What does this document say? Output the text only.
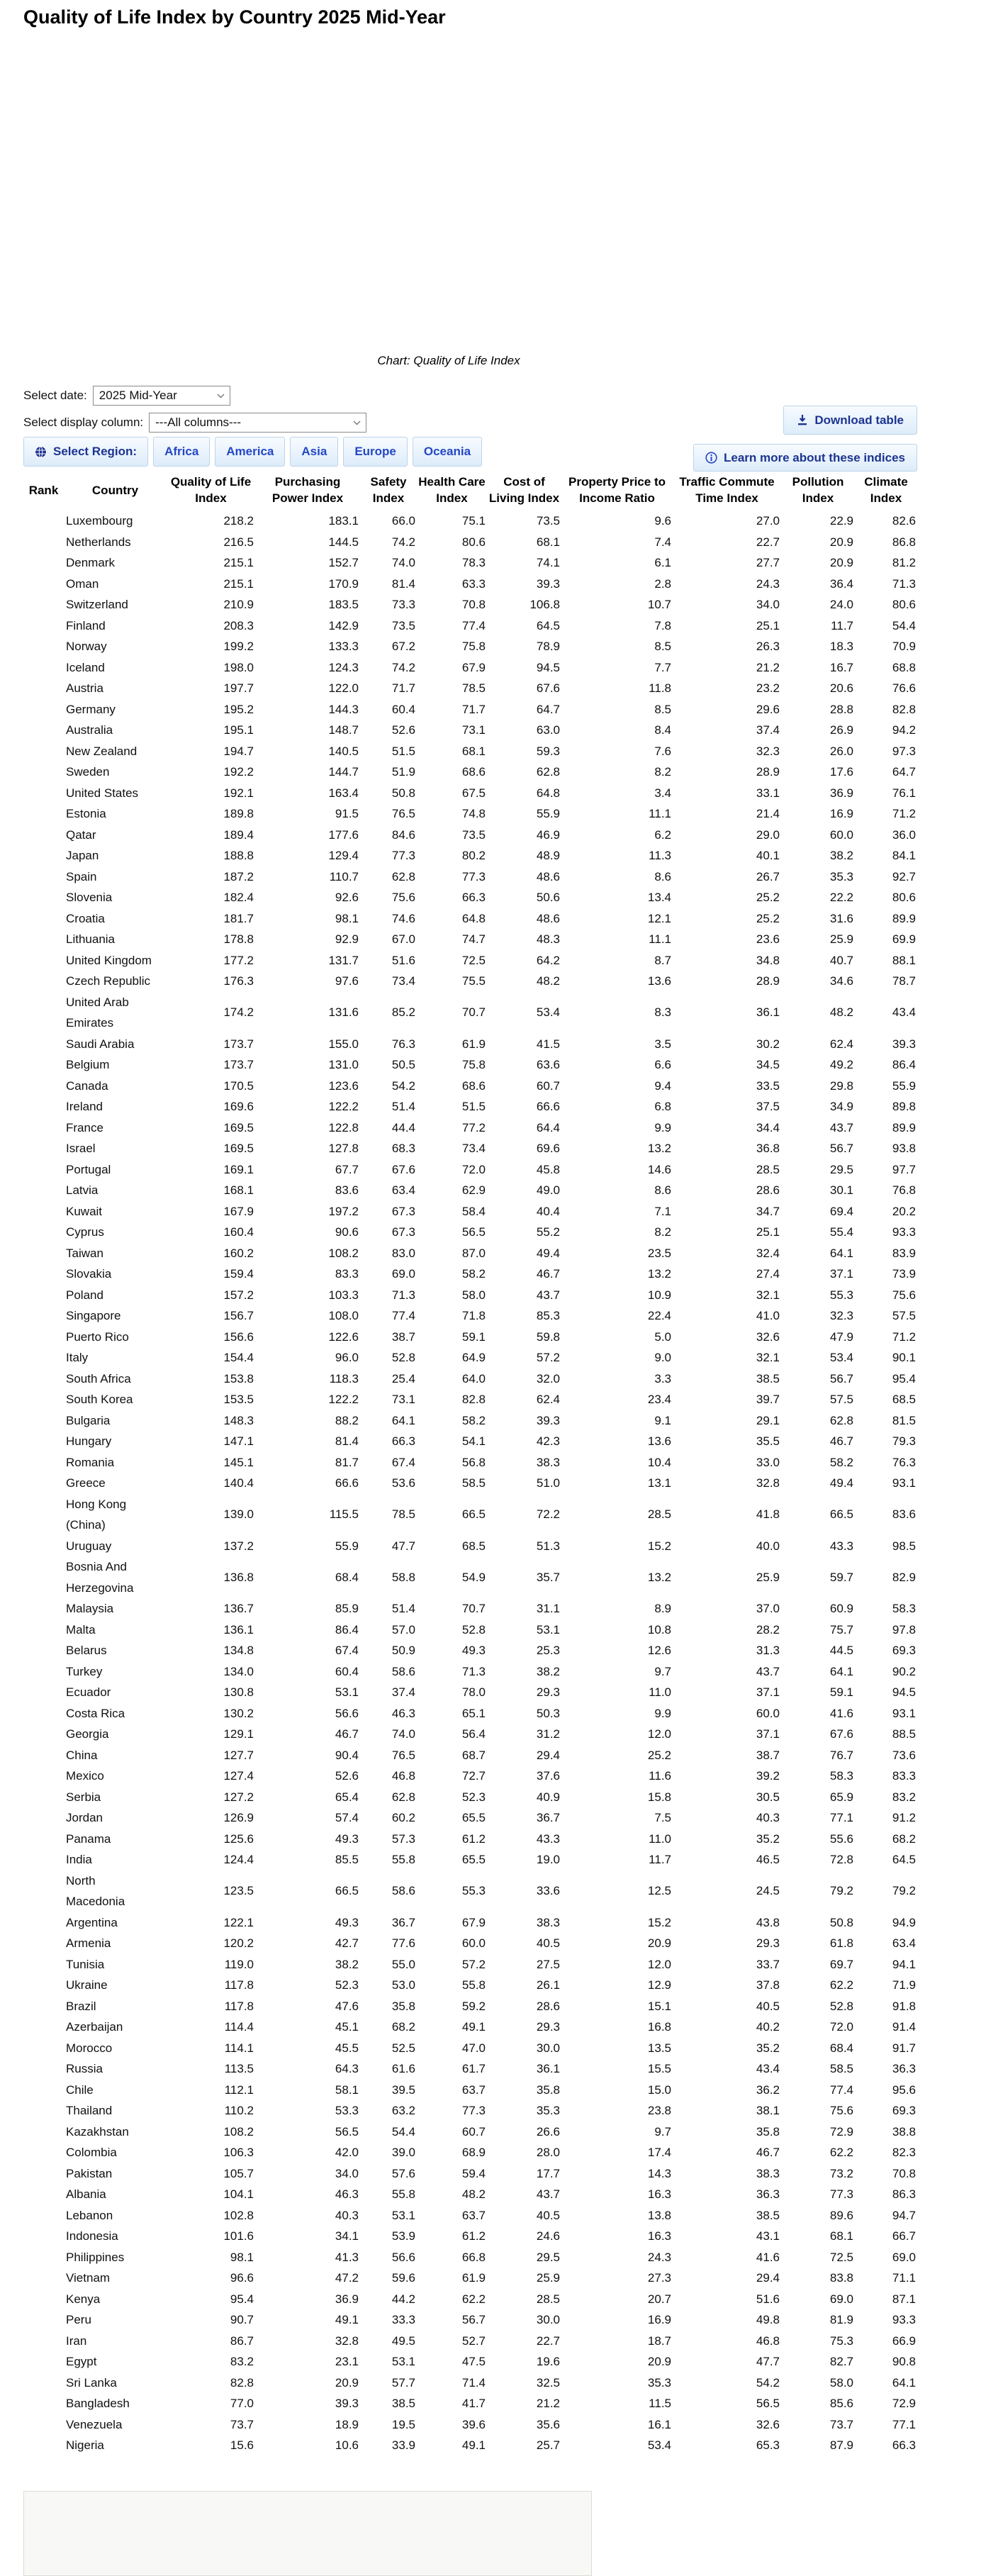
Quality of Life Index by Country 2025 Mid-Year
Chart: Quality of Life Index
Select date: 2025 Mid-Year
Select display column: ---All columns---	Download table
Learn more about these indices
Select Region: Africa America Asia Europe Oceania
Rank	Country	Quality of Life Index	Purchasing Power Index	Safety Index	Health Care Index	Cost of Living Index	Property Price to Income Ratio	Traffic Commute Time Index	Pollution Index	Climate Index
	Luxembourg	218.2	183.1	66.0	75.1	73.5	9.6	27.0	22.9	82.6
	Netherlands	216.5	144.5	74.2	80.6	68.1	7.4	22.7	20.9	86.8
	Denmark	215.1	152.7	74.0	78.3	74.1	6.1	27.7	20.9	81.2
	Oman	215.1	170.9	81.4	63.3	39.3	2.8	24.3	36.4	71.3
	Switzerland	210.9	183.5	73.3	70.8	106.8	10.7	34.0	24.0	80.6
	Finland	208.3	142.9	73.5	77.4	64.5	7.8	25.1	11.7	54.4
	Norway	199.2	133.3	67.2	75.8	78.9	8.5	26.3	18.3	70.9
	Iceland	198.0	124.3	74.2	67.9	94.5	7.7	21.2	16.7	68.8
	Austria	197.7	122.0	71.7	78.5	67.6	11.8	23.2	20.6	76.6
	Germany	195.2	144.3	60.4	71.7	64.7	8.5	29.6	28.8	82.8
	Australia	195.1	148.7	52.6	73.1	63.0	8.4	37.4	26.9	94.2
	New Zealand	194.7	140.5	51.5	68.1	59.3	7.6	32.3	26.0	97.3
	Sweden	192.2	144.7	51.9	68.6	62.8	8.2	28.9	17.6	64.7
	United States	192.1	163.4	50.8	67.5	64.8	3.4	33.1	36.9	76.1
	Estonia	189.8	91.5	76.5	74.8	55.9	11.1	21.4	16.9	71.2
	Qatar	189.4	177.6	84.6	73.5	46.9	6.2	29.0	60.0	36.0
	Japan	188.8	129.4	77.3	80.2	48.9	11.3	40.1	38.2	84.1
	Spain	187.2	110.7	62.8	77.3	48.6	8.6	26.7	35.3	92.7
	Slovenia	182.4	92.6	75.6	66.3	50.6	13.4	25.2	22.2	80.6
	Croatia	181.7	98.1	74.6	64.8	48.6	12.1	25.2	31.6	89.9
	Lithuania	178.8	92.9	67.0	74.7	48.3	11.1	23.6	25.9	69.9
	United Kingdom	177.2	131.7	51.6	72.5	64.2	8.7	34.8	40.7	88.1
	Czech Republic	176.3	97.6	73.4	75.5	48.2	13.6	28.9	34.6	78.7
	United Arab Emirates	174.2	131.6	85.2	70.7	53.4	8.3	36.1	48.2	43.4
	Saudi Arabia	173.7	155.0	76.3	61.9	41.5	3.5	30.2	62.4	39.3
	Belgium	173.7	131.0	50.5	75.8	63.6	6.6	34.5	49.2	86.4
	Canada	170.5	123.6	54.2	68.6	60.7	9.4	33.5	29.8	55.9
	Ireland	169.6	122.2	51.4	51.5	66.6	6.8	37.5	34.9	89.8
	France	169.5	122.8	44.4	77.2	64.4	9.9	34.4	43.7	89.9
	Israel	169.5	127.8	68.3	73.4	69.6	13.2	36.8	56.7	93.8
	Portugal	169.1	67.7	67.6	72.0	45.8	14.6	28.5	29.5	97.7
	Latvia	168.1	83.6	63.4	62.9	49.0	8.6	28.6	30.1	76.8
	Kuwait	167.9	197.2	67.3	58.4	40.4	7.1	34.7	69.4	20.2
	Cyprus	160.4	90.6	67.3	56.5	55.2	8.2	25.1	55.4	93.3
	Taiwan	160.2	108.2	83.0	87.0	49.4	23.5	32.4	64.1	83.9
	Slovakia	159.4	83.3	69.0	58.2	46.7	13.2	27.4	37.1	73.9
	Poland	157.2	103.3	71.3	58.0	43.7	10.9	32.1	55.3	75.6
	Singapore	156.7	108.0	77.4	71.8	85.3	22.4	41.0	32.3	57.5
	Puerto Rico	156.6	122.6	38.7	59.1	59.8	5.0	32.6	47.9	71.2
	Italy	154.4	96.0	52.8	64.9	57.2	9.0	32.1	53.4	90.1
	South Africa	153.8	118.3	25.4	64.0	32.0	3.3	38.5	56.7	95.4
	South Korea	153.5	122.2	73.1	82.8	62.4	23.4	39.7	57.5	68.5
	Bulgaria	148.3	88.2	64.1	58.2	39.3	9.1	29.1	62.8	81.5
	Hungary	147.1	81.4	66.3	54.1	42.3	13.6	35.5	46.7	79.3
	Romania	145.1	81.7	67.4	56.8	38.3	10.4	33.0	58.2	76.3
	Greece	140.4	66.6	53.6	58.5	51.0	13.1	32.8	49.4	93.1
	Hong Kong (China)	139.0	115.5	78.5	66.5	72.2	28.5	41.8	66.5	83.6
	Uruguay	137.2	55.9	47.7	68.5	51.3	15.2	40.0	43.3	98.5
	Bosnia And Herzegovina	136.8	68.4	58.8	54.9	35.7	13.2	25.9	59.7	82.9
	Malaysia	136.7	85.9	51.4	70.7	31.1	8.9	37.0	60.9	58.3
	Malta	136.1	86.4	57.0	52.8	53.1	10.8	28.2	75.7	97.8
	Belarus	134.8	67.4	50.9	49.3	25.3	12.6	31.3	44.5	69.3
	Turkey	134.0	60.4	58.6	71.3	38.2	9.7	43.7	64.1	90.2
	Ecuador	130.8	53.1	37.4	78.0	29.3	11.0	37.1	59.1	94.5
	Costa Rica	130.2	56.6	46.3	65.1	50.3	9.9	60.0	41.6	93.1
	Georgia	129.1	46.7	74.0	56.4	31.2	12.0	37.1	67.6	88.5
	China	127.7	90.4	76.5	68.7	29.4	25.2	38.7	76.7	73.6
	Mexico	127.4	52.6	46.8	72.7	37.6	11.6	39.2	58.3	83.3
	Serbia	127.2	65.4	62.8	52.3	40.9	15.8	30.5	65.9	83.2
	Jordan	126.9	57.4	60.2	65.5	36.7	7.5	40.3	77.1	91.2
	Panama	125.6	49.3	57.3	61.2	43.3	11.0	35.2	55.6	68.2
	India	124.4	85.5	55.8	65.5	19.0	11.7	46.5	72.8	64.5
	North Macedonia	123.5	66.5	58.6	55.3	33.6	12.5	24.5	79.2	79.2
	Argentina	122.1	49.3	36.7	67.9	38.3	15.2	43.8	50.8	94.9
	Armenia	120.2	42.7	77.6	60.0	40.5	20.9	29.3	61.8	63.4
	Tunisia	119.0	38.2	55.0	57.2	27.5	12.0	33.7	69.7	94.1
	Ukraine	117.8	52.3	53.0	55.8	26.1	12.9	37.8	62.2	71.9
	Brazil	117.8	47.6	35.8	59.2	28.6	15.1	40.5	52.8	91.8
	Azerbaijan	114.4	45.1	68.2	49.1	29.3	16.8	40.2	72.0	91.4
	Morocco	114.1	45.5	52.5	47.0	30.0	13.5	35.2	68.4	91.7
	Russia	113.5	64.3	61.6	61.7	36.1	15.5	43.4	58.5	36.3
	Chile	112.1	58.1	39.5	63.7	35.8	15.0	36.2	77.4	95.6
	Thailand	110.2	53.3	63.2	77.3	35.3	23.8	38.1	75.6	69.3
	Kazakhstan	108.2	56.5	54.4	60.7	26.6	9.7	35.8	72.9	38.8
	Colombia	106.3	42.0	39.0	68.9	28.0	17.4	46.7	62.2	82.3
	Pakistan	105.7	34.0	57.6	59.4	17.7	14.3	38.3	73.2	70.8
	Albania	104.1	46.3	55.8	48.2	43.7	16.3	36.3	77.3	86.3
	Lebanon	102.8	40.3	53.1	63.7	40.5	13.8	38.5	89.6	94.7
	Indonesia	101.6	34.1	53.9	61.2	24.6	16.3	43.1	68.1	66.7
	Philippines	98.1	41.3	56.6	66.8	29.5	24.3	41.6	72.5	69.0
	Vietnam	96.6	47.2	59.6	61.9	25.9	27.3	29.4	83.8	71.1
	Kenya	95.4	36.9	44.2	62.2	28.5	20.7	51.6	69.0	87.1
	Peru	90.7	49.1	33.3	56.7	30.0	16.9	49.8	81.9	93.3
	Iran	86.7	32.8	49.5	52.7	22.7	18.7	46.8	75.3	66.9
	Egypt	83.2	23.1	53.1	47.5	19.6	20.9	47.7	82.7	90.8
	Sri Lanka	82.8	20.9	57.7	71.4	32.5	35.3	54.2	58.0	64.1
	Bangladesh	77.0	39.3	38.5	41.7	21.2	11.5	56.5	85.6	72.9
	Venezuela	73.7	18.9	19.5	39.6	35.6	16.1	32.6	73.7	77.1
	Nigeria	15.6	10.6	33.9	49.1	25.7	53.4	65.3	87.9	66.3
